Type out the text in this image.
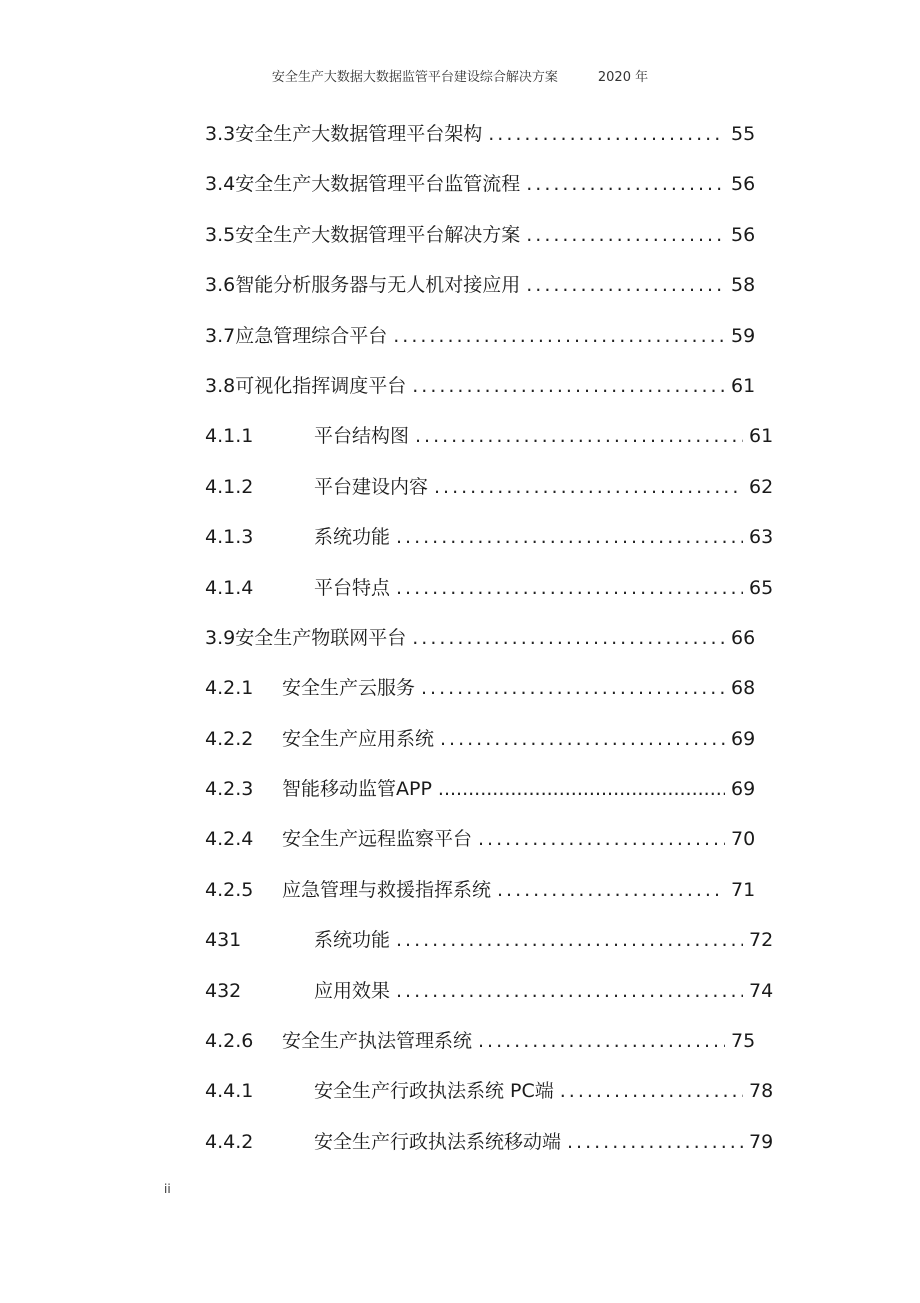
安全生产大数据大数据监管平台建设综合解决方案	2020 年
3.3 安全生产大数据管理平台架构 .....	55
3.4 安全生产大数据管理平台监管流程 .....	56
3.5 安全生产大数据管理平台解决方案 .....	56
3.6 智能分析服务器与无人机对接应用 .....	58
3.7 应急管理综合平台 .....	59
3.8 可视化指挥调度平台 .....	61
4.1.1	平台结构图 .....	61
4.1.2	平台建设内容 .....	62
4.1.3	系统功能 .....	63
4.1.4	平台特点 .....	65
3.9 安全生产物联网平台 .....	66
4.2.1	安全生产云服务 .....	68
4.2.2	安全生产应用系统 .....	69
4.2.3	智能移动监管APP .....	69
4.2.4	安全生产远程监察平台 .....	70
4.2.5	应急管理与救援指挥系统 .....	71
431	系统功能 .....	72
432	应用效果 .....	74
4.2.6	安全生产执法管理系统 .....	75
4.4.1	安全生产行政执法系统 PC端 .....	78
4.4.2	安全生产行政执法系统移动端 .....	79
ii
